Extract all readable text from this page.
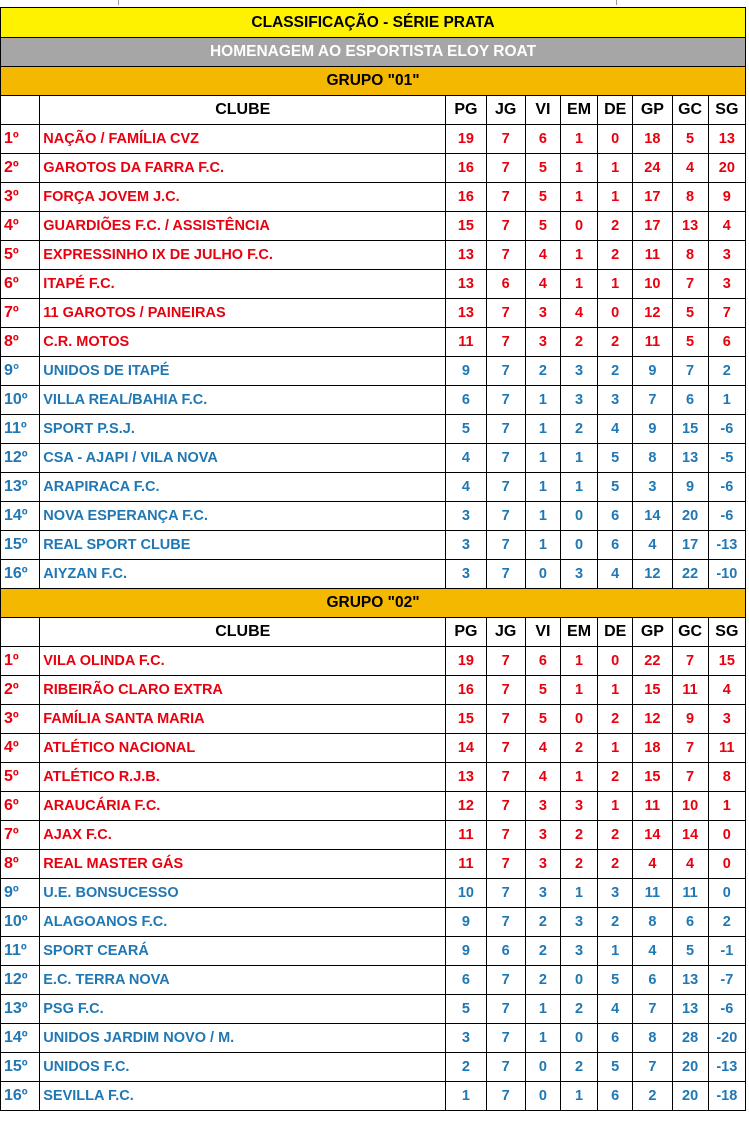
CLASSIFICAÇÃO - SÉRIE PRATA									
HOMENAGEM AO ESPORTISTA ELOY ROAT									
GRUPO "01"									
	CLUBE	PG	JG	VI	EM	DE	GP	GC	SG
1º	NAÇÃO / FAMÍLIA CVZ	19	7	6	1	0	18	5	13
2º	GAROTOS DA FARRA F.C.	16	7	5	1	1	24	4	20
3º	FORÇA JOVEM J.C.	16	7	5	1	1	17	8	9
4º	GUARDIÕES F.C. / ASSISTÊNCIA	15	7	5	0	2	17	13	4
5º	EXPRESSINHO IX DE JULHO F.C.	13	7	4	1	2	11	8	3
6º	ITAPÉ F.C.	13	6	4	1	1	10	7	3
7º	11 GAROTOS / PAINEIRAS	13	7	3	4	0	12	5	7
8º	C.R. MOTOS	11	7	3	2	2	11	5	6
9°	UNIDOS DE ITAPÉ	9	7	2	3	2	9	7	2
10º	VILLA REAL/BAHIA F.C.	6	7	1	3	3	7	6	1
11º	SPORT P.S.J.	5	7	1	2	4	9	15	-6
12º	CSA - AJAPI / VILA NOVA	4	7	1	1	5	8	13	-5
13º	ARAPIRACA F.C.	4	7	1	1	5	3	9	-6
14º	NOVA ESPERANÇA F.C.	3	7	1	0	6	14	20	-6
15º	REAL SPORT CLUBE	3	7	1	0	6	4	17	-13
16º	AIYZAN F.C.	3	7	0	3	4	12	22	-10
GRUPO "02"									
	CLUBE	PG	JG	VI	EM	DE	GP	GC	SG
1º	VILA OLINDA F.C.	19	7	6	1	0	22	7	15
2º	RIBEIRÃO CLARO EXTRA	16	7	5	1	1	15	11	4
3º	FAMÍLIA SANTA MARIA	15	7	5	0	2	12	9	3
4º	ATLÉTICO NACIONAL	14	7	4	2	1	18	7	11
5º	ATLÉTICO R.J.B.	13	7	4	1	2	15	7	8
6º	ARAUCÁRIA F.C.	12	7	3	3	1	11	10	1
7º	AJAX F.C.	11	7	3	2	2	14	14	0
8º	REAL MASTER GÁS	11	7	3	2	2	4	4	0
9º	U.E. BONSUCESSO	10	7	3	1	3	11	11	0
10º	ALAGOANOS F.C.	9	7	2	3	2	8	6	2
11º	SPORT CEARÁ	9	6	2	3	1	4	5	-1
12º	E.C. TERRA NOVA	6	7	2	0	5	6	13	-7
13º	PSG F.C.	5	7	1	2	4	7	13	-6
14º	UNIDOS JARDIM NOVO / M.	3	7	1	0	6	8	28	-20
15º	UNIDOS F.C.	2	7	0	2	5	7	20	-13
16º	SEVILLA F.C.	1	7	0	1	6	2	20	-18
